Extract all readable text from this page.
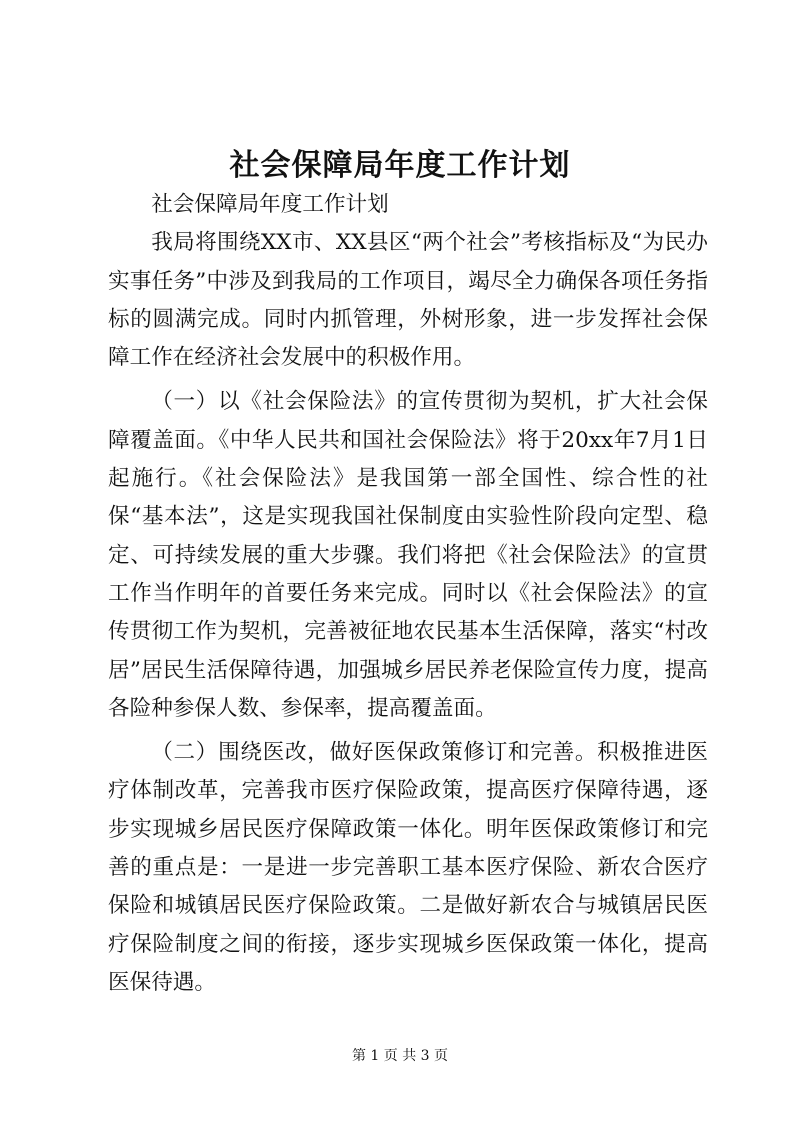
社会保障局年度工作计划

社会保障局年度工作计划

我局将围绕XX市、XX县区“两个社会”考核指标及“为民办实事任务”中涉及到我局的工作项目，竭尽全力确保各项任务指标的圆满完成。同时内抓管理，外树形象，进一步发挥社会保障工作在经济社会发展中的积极作用。

（一）以《社会保险法》的宣传贯彻为契机，扩大社会保障覆盖面。《中华人民共和国社会保险法》将于20xx年7月1日起施行。《社会保险法》是我国第一部全国性、综合性的社保“基本法”，这是实现我国社保制度由实验性阶段向定型、稳定、可持续发展的重大步骤。我们将把《社会保险法》的宣贯工作当作明年的首要任务来完成。同时以《社会保险法》的宣传贯彻工作为契机，完善被征地农民基本生活保障，落实“村改居”居民生活保障待遇，加强城乡居民养老保险宣传力度，提高各险种参保人数、参保率，提高覆盖面。

（二）围绕医改，做好医保政策修订和完善。积极推进医疗体制改革，完善我市医疗保险政策，提高医疗保障待遇，逐步实现城乡居民医疗保障政策一体化。明年医保政策修订和完善的重点是：一是进一步完善职工基本医疗保险、新农合医疗保险和城镇居民医疗保险政策。二是做好新农合与城镇居民医疗保险制度之间的衔接，逐步实现城乡医保政策一体化，提高医保待遇。

第 1 页 共 3 页
